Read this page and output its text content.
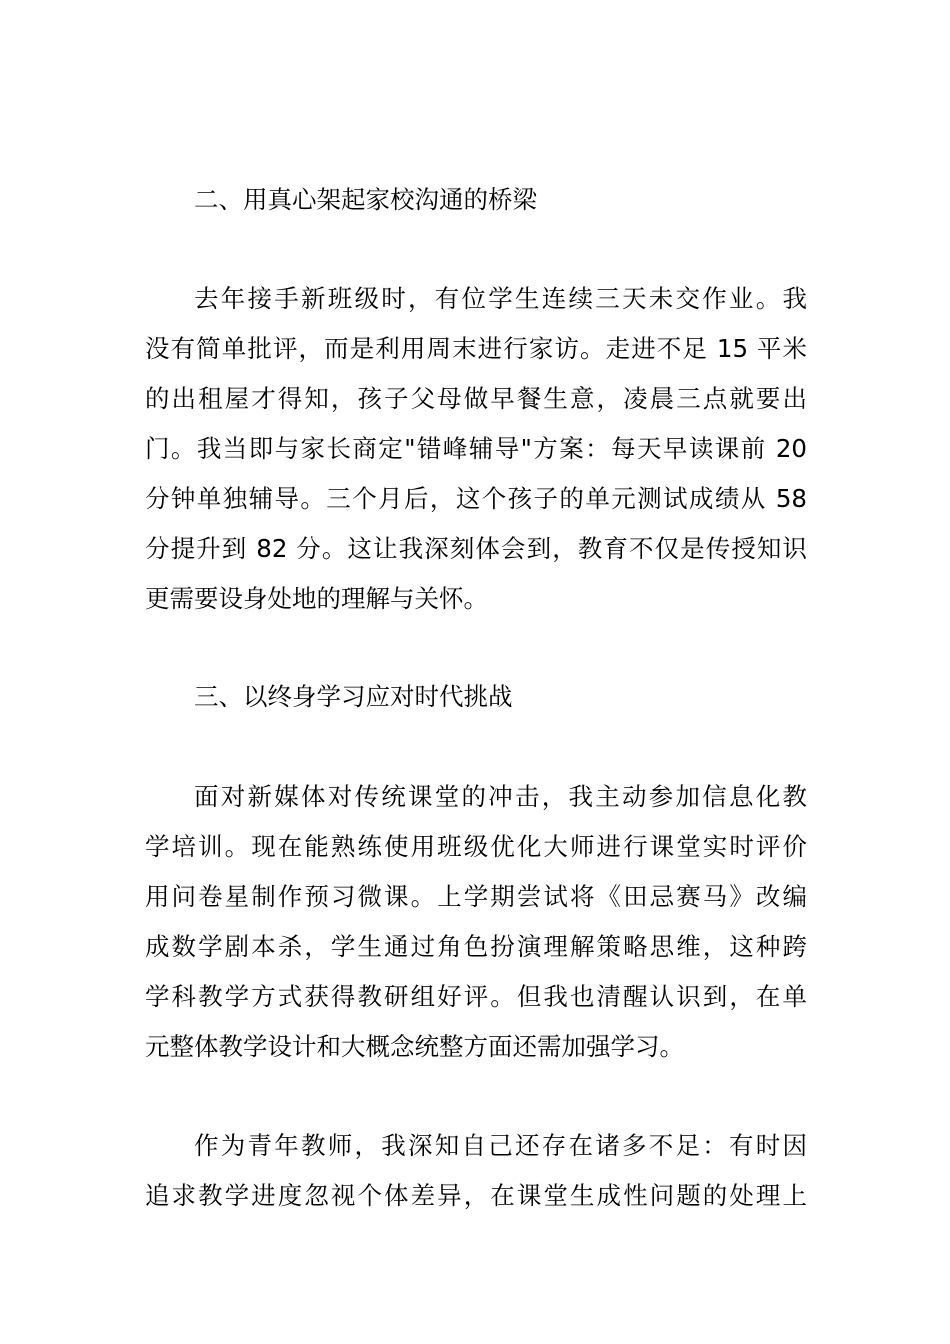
二、用真心架起家校沟通的桥梁
去年接手新班级时，有位学生连续三天未交作业。我
没有简单批评，而是利用周末进行家访。走进不足 15 平米
的出租屋才得知，孩子父母做早餐生意，凌晨三点就要出
门。我当即与家长商定"错峰辅导"方案：每天早读课前 20
分钟单独辅导。三个月后，这个孩子的单元测试成绩从 58
分提升到 82 分。这让我深刻体会到，教育不仅是传授知识
更需要设身处地的理解与关怀。
三、以终身学习应对时代挑战
面对新媒体对传统课堂的冲击，我主动参加信息化教
学培训。现在能熟练使用班级优化大师进行课堂实时评价
用问卷星制作预习微课。上学期尝试将《田忌赛马》改编
成数学剧本杀，学生通过角色扮演理解策略思维，这种跨
学科教学方式获得教研组好评。但我也清醒认识到，在单
元整体教学设计和大概念统整方面还需加强学习。
作为青年教师，我深知自己还存在诸多不足：有时因
追求教学进度忽视个体差异，在课堂生成性问题的处理上
